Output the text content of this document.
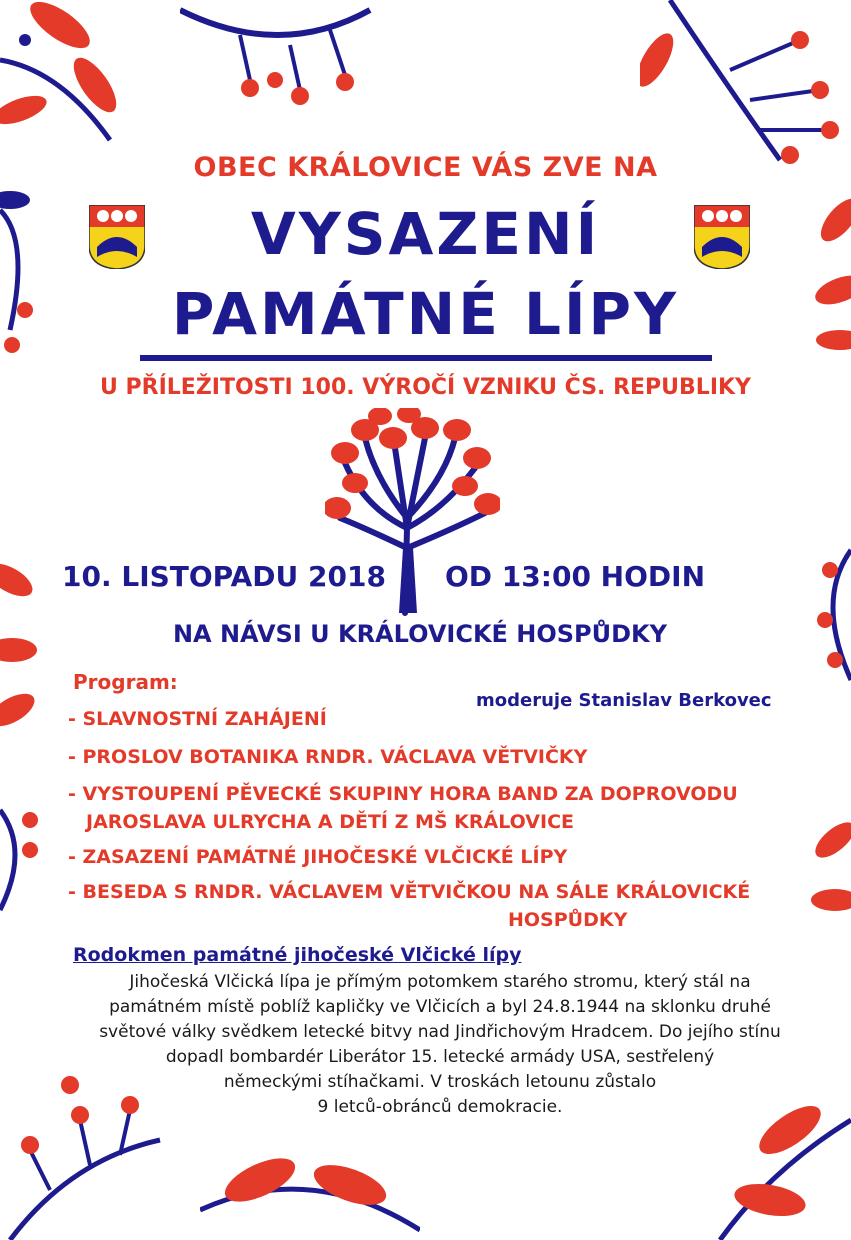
OBEC KRÁLOVICE VÁS ZVE NA
VYSAZENÍ
PAMÁTNÉ LÍPY
U PŘÍLEŽITOSTI 100. VÝROČÍ VZNIKU ČS. REPUBLIKY
10. LISTOPADU 2018 OD 13:00 HODIN
NA NÁVSI U KRÁLOVICKÉ HOSPŮDKY
Program:
moderuje Stanislav Berkovec
- SLAVNOSTNÍ ZAHÁJENÍ
- PROSLOV BOTANIKA RNDR. VÁCLAVA VĚTVIČKY
- VYSTOUPENÍ PĚVECKÉ SKUPINY HORA BAND ZA DOPROVODU
JAROSLAVA ULRYCHA A DĚTÍ Z MŠ KRÁLOVICE
- ZASAZENÍ PAMÁTNÉ JIHOČESKÉ VLČICKÉ LÍPY
- BESEDA S RNDR. VÁCLAVEM VĚTVIČKOU NA SÁLE KRÁLOVICKÉ
HOSPŮDKY
Rodokmen památné jihočeské Vlčické lípy
Jihočeská Vlčická lípa je přímým potomkem starého stromu, který stál na
památném místě poblíž kapličky ve Vlčicích a byl 24.8.1944 na sklonku druhé
světové války svědkem letecké bitvy nad Jindřichovým Hradcem. Do jejího stínu
dopadl bombardér Liberátor 15. letecké armády USA, sestřelený
německými stíhačkami. V troskách letounu zůstalo
9 letců-obránců demokracie.
